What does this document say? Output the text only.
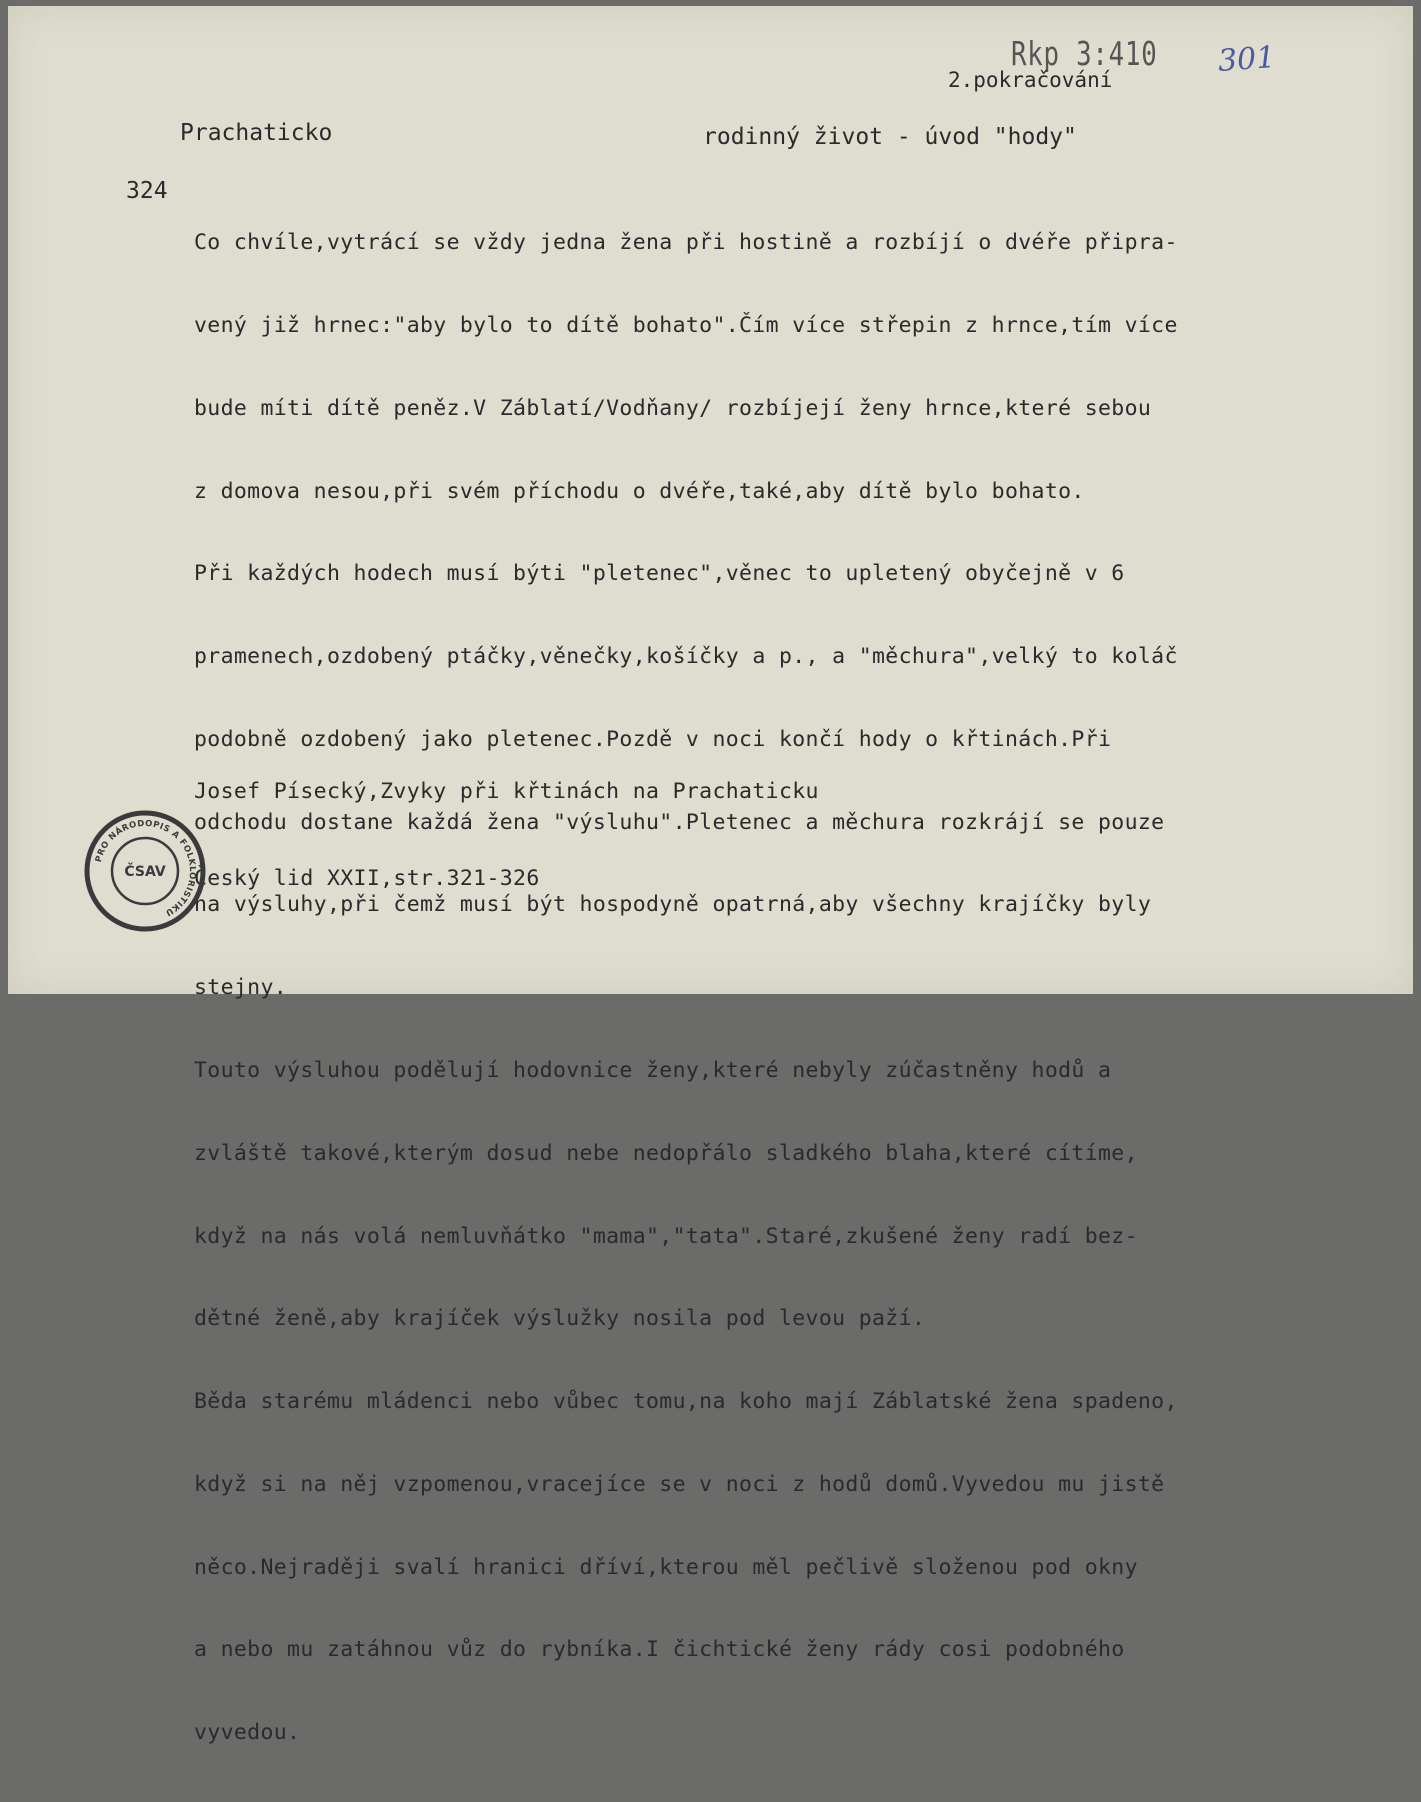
Rkp 3:410 301
2.pokračování
Prachaticko	rodinný život - úvod "hody"
324

Co chvíle,vytrácí se vždy jedna žena při hostině a rozbíjí o dvéře připra-

vený již hrnec:"aby bylo to dítě bohato".Čím více střepin z hrnce,tím více

bude míti dítě peněz.V Záblatí/Vodňany/ rozbíjejí ženy hrnce,které sebou

z domova nesou,při svém příchodu o dvéře,také,aby dítě bylo bohato.

Při každých hodech musí býti "pletenec",věnec to upletený obyčejně v 6

pramenech,ozdobený ptáčky,věnečky,košíčky a p., a "měchura",velký to koláč

podobně ozdobený jako pletenec.Pozdě v noci končí hody o křtinách.Při

odchodu dostane každá žena "výsluhu".Pletenec a měchura rozkrájí se pouze

na výsluhy,při čemž musí být hospodyně opatrná,aby všechny krajíčky byly

stejny.

Touto výsluhou podělují hodovnice ženy,které nebyly zúčastněny hodů a

zvláště takové,kterým dosud nebe nedopřálo sladkého blaha,které cítíme,

když na nás volá nemluvňátko "mama","tata".Staré,zkušené ženy radí bez-

dětné ženě,aby krajíček výslužky nosila pod levou paží.

Běda starému mládenci nebo vůbec tomu,na koho mají Záblatské žena spadeno,

když si na něj vzpomenou,vracejíce se v noci z hodů domů.Vyvedou mu jistě

něco.Nejraději svalí hranici dříví,kterou měl pečlivě složenou pod okny

a nebo mu zatáhnou vůz do rybníka.I čichtické ženy rády cosi podobného

vyvedou.

Josef Písecký,Zvyky při křtinách na Prachaticku

Český lid XXII,str.321-326

PRO NÁRODOPIS A FOLKLORISTIKU
ČSAV
